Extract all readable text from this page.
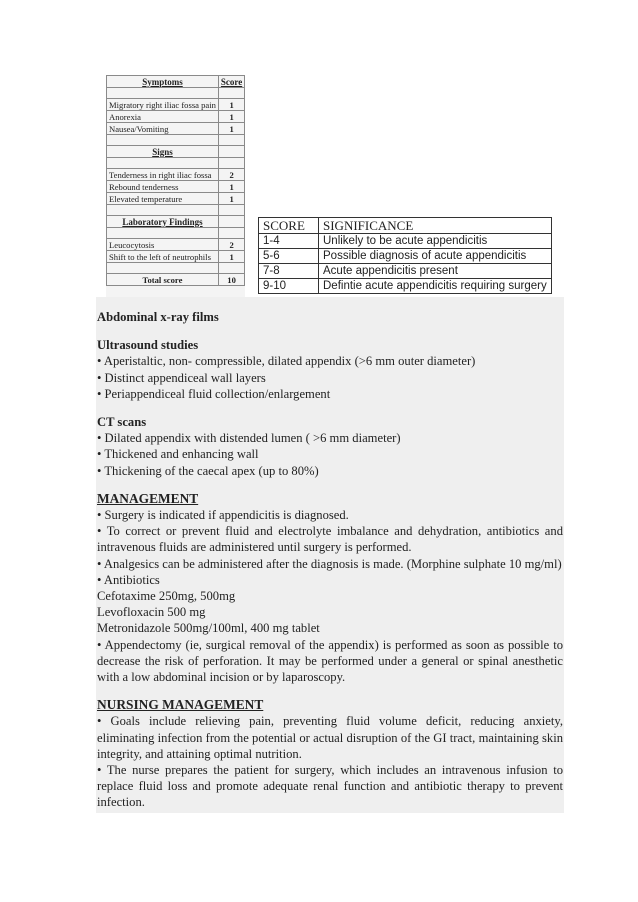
Symptoms	Score

Migratory right iliac fossa pain	1
Anorexia	1
Nausea/Vomiting	1

Signs	

Tenderness in right iliac fossa	2
Rebound tenderness	1
Elevated temperature	1

Laboratory Findings	

Leucocytosis	2
Shift to the left of neutrophils	1

Total score	10
SCORE	SIGNIFICANCE
1-4	Unlikely to be acute appendicitis
5-6	Possible diagnosis of acute appendicitis
7-8	Acute appendicitis present
9-10	Defintie acute appendicitis requiring surgery

Abdominal x-ray films

Ultrasound studies

• Aperistaltic, non- compressible, dilated appendix (>6 mm outer diameter)

• Distinct appendiceal wall layers

• Periappendiceal fluid collection/enlargement

CT scans

• Dilated appendix with distended lumen ( >6 mm diameter)

• Thickened and enhancing wall

• Thickening of the caecal apex (up to 80%)

MANAGEMENT

• Surgery is indicated if appendicitis is diagnosed.

• To correct or prevent fluid and electrolyte imbalance and dehydration, antibiotics and intravenous fluids are administered until surgery is performed.

• Analgesics can be administered after the diagnosis is made. (Morphine sulphate 10 mg/ml)

• Antibiotics

Cefotaxime 250mg, 500mg

Levofloxacin 500 mg

Metronidazole 500mg/100ml, 400 mg tablet

• Appendectomy (ie, surgical removal of the appendix) is performed as soon as possible to decrease the risk of perforation. It may be performed under a general or spinal anesthetic with a low abdominal incision or by laparoscopy.

NURSING MANAGEMENT

• Goals include relieving pain, preventing fluid volume deficit, reducing anxiety, eliminating infection from the potential or actual disruption of the GI tract, maintaining skin integrity, and attaining optimal nutrition.

• The nurse prepares the patient for surgery, which includes an intravenous infusion to replace fluid loss and promote adequate renal function and antibiotic therapy to prevent infection.
